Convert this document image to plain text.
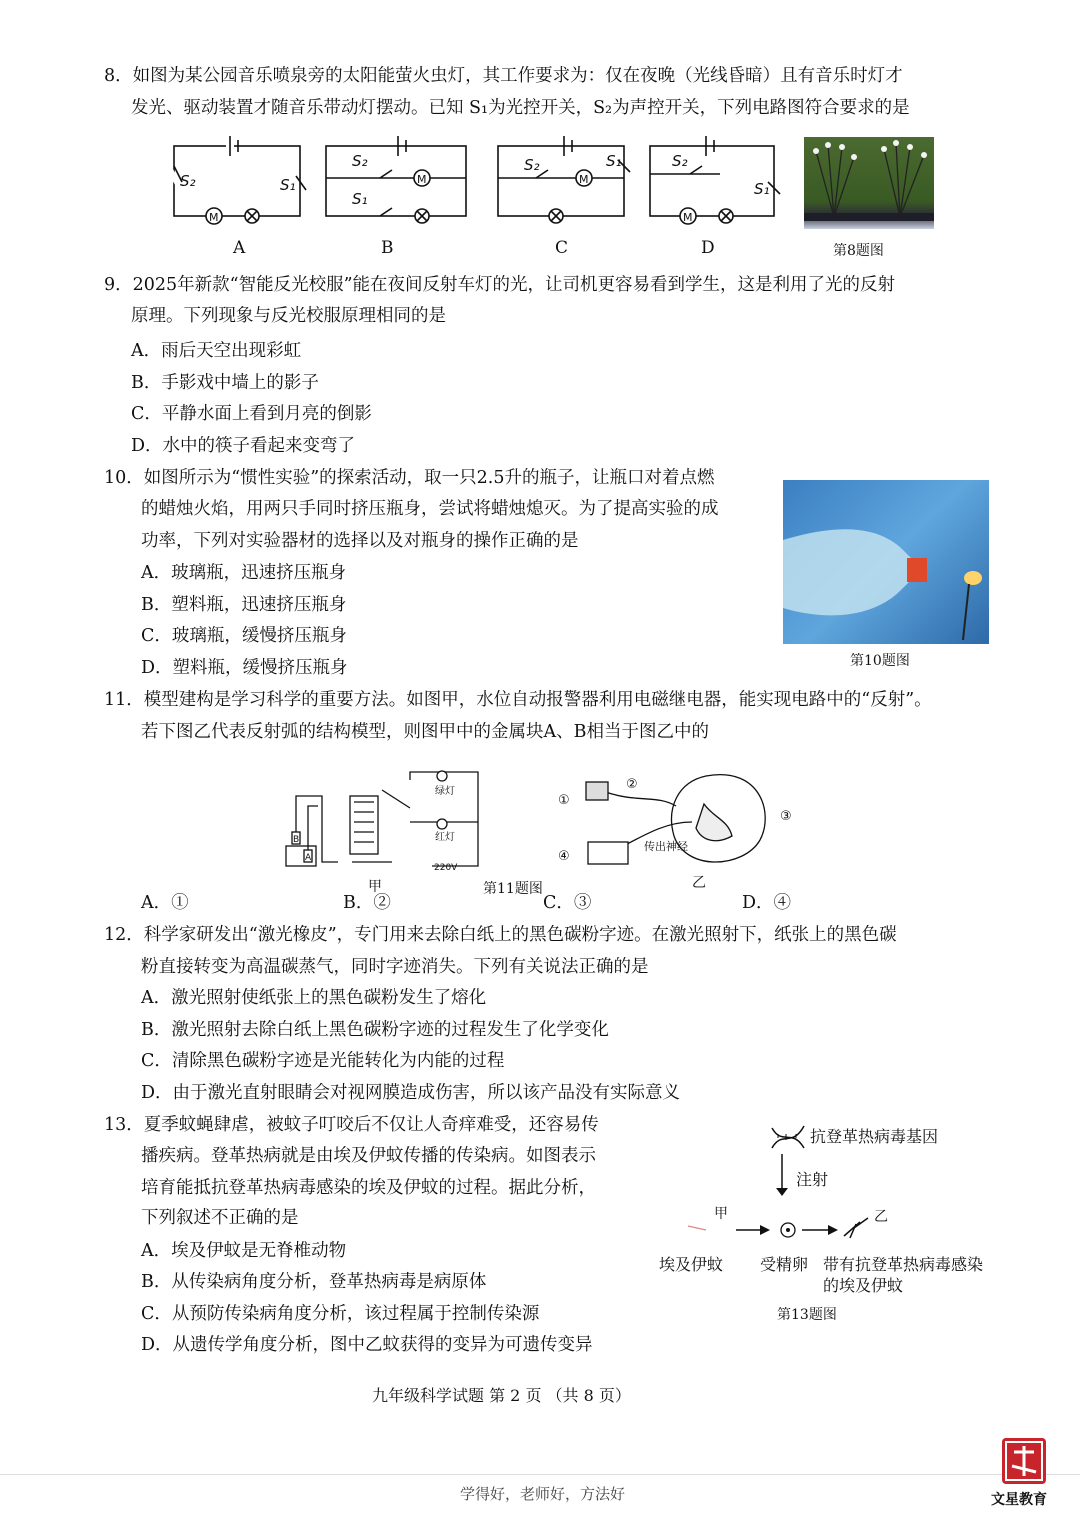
8．如图为某公园音乐喷泉旁的太阳能萤火虫灯，其工作要求为：仅在夜晚（光线昏暗）且有音乐时灯才
发光、驱动装置才随音乐带动灯摆动。已知 S₁为光控开关，S₂为声控开关，下列电路图符合要求的是
M
M	M
M
S₂	S₁
S₂
S₁
S₂	S₁	S₂
S₁
A	B	C	D	第8题图
9．2025年新款“智能反光校服”能在夜间反射车灯的光，让司机更容易看到学生，这是利用了光的反射
原理。下列现象与反光校服原理相同的是
A．雨后天空出现彩虹
B．手影戏中墙上的影子
C．平静水面上看到月亮的倒影
D．水中的筷子看起来变弯了
10．如图所示为“惯性实验”的探索活动，取一只2.5升的瓶子，让瓶口对着点燃
的蜡烛火焰，用两只手同时挤压瓶身，尝试将蜡烛熄灭。为了提高实验的成
功率，下列对实验器材的选择以及对瓶身的操作正确的是
A．玻璃瓶，迅速挤压瓶身
B．塑料瓶，迅速挤压瓶身
C．玻璃瓶，缓慢挤压瓶身
D．塑料瓶，缓慢挤压瓶身	第10题图
11．模型建构是学习科学的重要方法。如图甲，水位自动报警器利用电磁继电器，能实现电路中的“反射”。
若下图乙代表反射弧的结构模型，则图甲中的金属块A、B相当于图乙中的
绿灯
红灯
220V
B
A
甲	第11题图
①
②
③
④
传出神经
乙
A．①	B．②	C．③	D．④
12．科学家研发出“激光橡皮”，专门用来去除白纸上的黑色碳粉字迹。在激光照射下，纸张上的黑色碳
粉直接转变为高温碳蒸气，同时字迹消失。下列有关说法正确的是
A．激光照射使纸张上的黑色碳粉发生了熔化
B．激光照射去除白纸上黑色碳粉字迹的过程发生了化学变化
C．清除黑色碳粉字迹是光能转化为内能的过程
D．由于激光直射眼睛会对视网膜造成伤害，所以该产品没有实际意义
13．夏季蚊蝇肆虐，被蚊子叮咬后不仅让人奇痒难受，还容易传
播疾病。登革热病就是由埃及伊蚊传播的传染病。如图表示
培育能抵抗登革热病毒感染的埃及伊蚊的过程。据此分析，
下列叙述不正确的是
A．埃及伊蚊是无脊椎动物
B．从传染病角度分析，登革热病毒是病原体
C．从预防传染病角度分析，该过程属于控制传染源
D．从遗传学角度分析，图中乙蚊获得的变异为可遗传变异
抗登革热病毒基因
注射
甲	乙
埃及伊蚊 受精卵 带有抗登革热病毒感染
的埃及伊蚊
第13题图
九年级科学试题 第 2 页 （共 8 页）
学得好，老师好，方法好	文星教育
